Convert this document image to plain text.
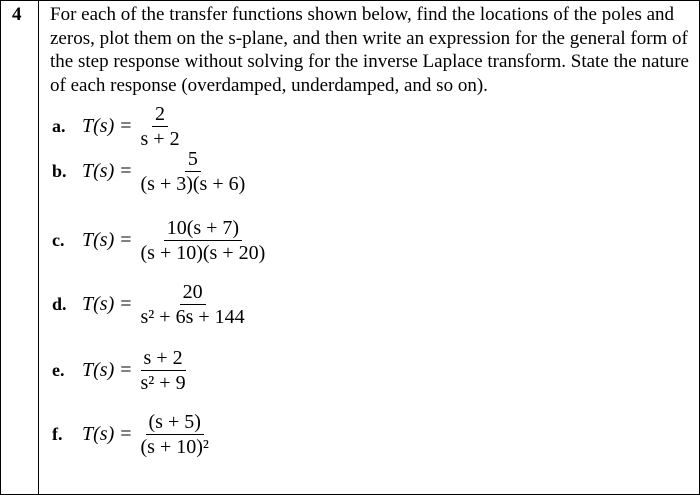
4 For each of the transfer functions shown below, find the locations of the poles and zeros, plot them on the s-plane, and then write an expression for the general form of the step response without solving for the inverse Laplace transform. State the nature of each response (overdamped, underdamped, and so on).
a. $T(s) = \frac{2}{s + 2}$
b. $T(s) = \frac{5}{(s + 3)(s + 6)}$
c. $T(s) = \frac{10(s + 7)}{(s + 10)(s + 20)}$
d. $T(s) = \frac{20}{\text{s² + 6s + 144}}$
e. $T(s) = \frac{s + 2}{\text{s² + 9}}$
f. $T(s) = \frac{(s + 5)}{\text{(s + 10)²}}$
